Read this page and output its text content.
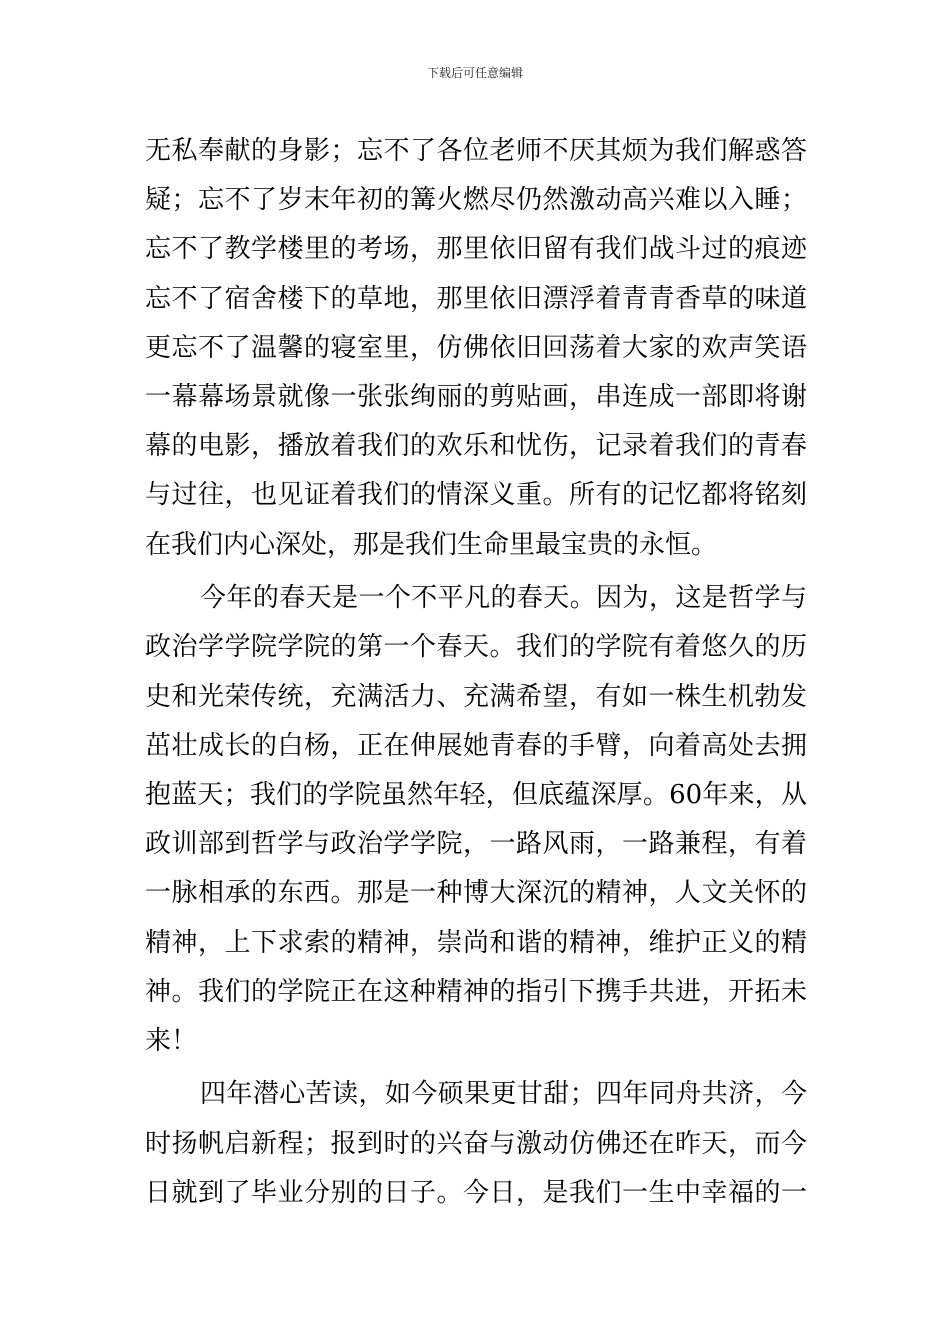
下载后可任意编辑
无私奉献的身影；忘不了各位老师不厌其烦为我们解惑答
疑；忘不了岁末年初的篝火燃尽仍然激动高兴难以入睡；
忘不了教学楼里的考场，那里依旧留有我们战斗过的痕迹
忘不了宿舍楼下的草地，那里依旧漂浮着青青香草的味道
更忘不了温馨的寝室里，仿佛依旧回荡着大家的欢声笑语
一幕幕场景就像一张张绚丽的剪贴画，串连成一部即将谢
幕的电影，播放着我们的欢乐和忧伤，记录着我们的青春
与过往，也见证着我们的情深义重。所有的记忆都将铭刻
在我们内心深处，那是我们生命里最宝贵的永恒。
今年的春天是一个不平凡的春天。因为，这是哲学与
政治学学院学院的第一个春天。我们的学院有着悠久的历
史和光荣传统，充满活力、充满希望，有如一株生机勃发
茁壮成长的白杨，正在伸展她青春的手臂，向着高处去拥
抱蓝天；我们的学院虽然年轻，但底蕴深厚。60年来，从
政训部到哲学与政治学学院，一路风雨，一路兼程，有着
一脉相承的东西。那是一种博大深沉的精神，人文关怀的
精神，上下求索的精神，崇尚和谐的精神，维护正义的精
神。我们的学院正在这种精神的指引下携手共进，开拓未
来！
四年潜心苦读，如今硕果更甘甜；四年同舟共济，今
时扬帆启新程；报到时的兴奋与激动仿佛还在昨天，而今
日就到了毕业分别的日子。今日，是我们一生中幸福的一
